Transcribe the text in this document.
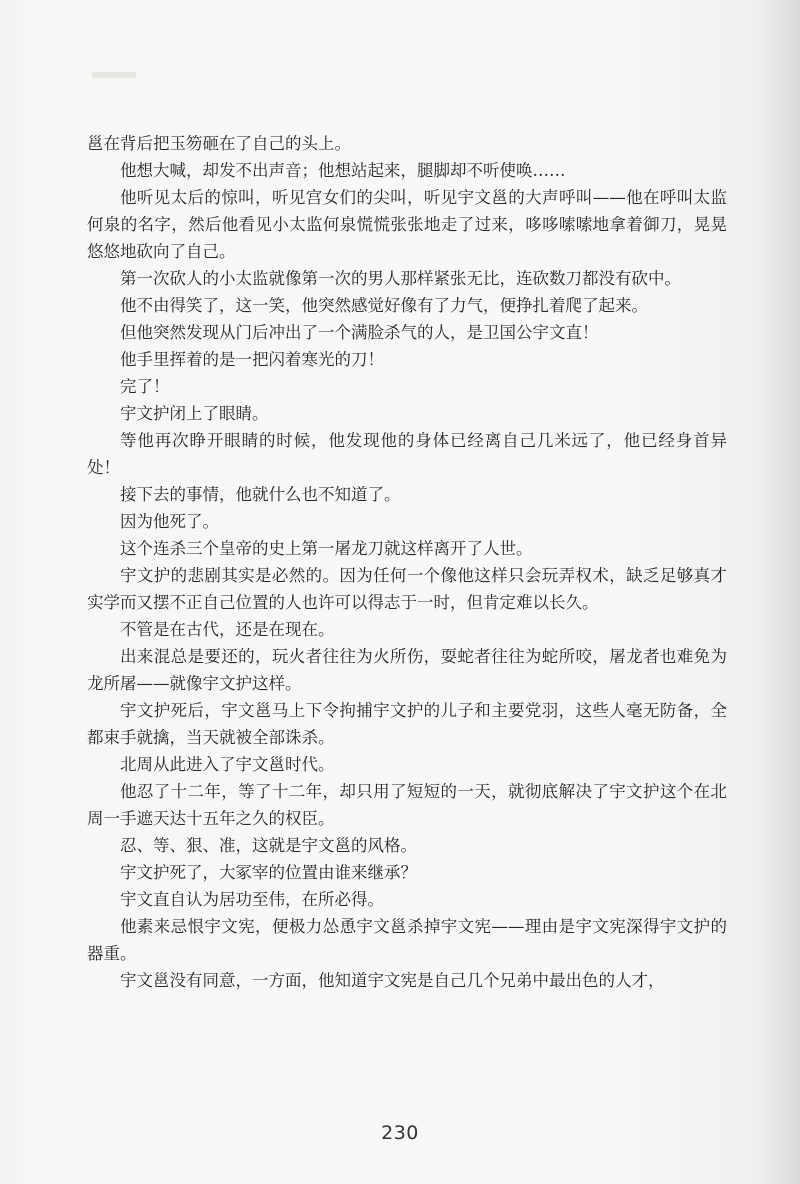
邕在背后把玉笏砸在了自己的头上。

他想大喊，却发不出声音；他想站起来，腿脚却不听使唤……

他听见太后的惊叫，听见宫女们的尖叫，听见宇文邕的大声呼叫——他在呼叫太监何泉的名字，然后他看见小太监何泉慌慌张张地走了过来，哆哆嗦嗦地拿着御刀，晃晃悠悠地砍向了自己。

第一次砍人的小太监就像第一次的男人那样紧张无比，连砍数刀都没有砍中。

他不由得笑了，这一笑，他突然感觉好像有了力气，便挣扎着爬了起来。

但他突然发现从门后冲出了一个满脸杀气的人，是卫国公宇文直！

他手里挥着的是一把闪着寒光的刀！

完了！

宇文护闭上了眼睛。

等他再次睁开眼睛的时候，他发现他的身体已经离自己几米远了，他已经身首异处！

接下去的事情，他就什么也不知道了。

因为他死了。

这个连杀三个皇帝的史上第一屠龙刀就这样离开了人世。

宇文护的悲剧其实是必然的。因为任何一个像他这样只会玩弄权术，缺乏足够真才实学而又摆不正自己位置的人也许可以得志于一时，但肯定难以长久。

不管是在古代，还是在现在。

出来混总是要还的，玩火者往往为火所伤，耍蛇者往往为蛇所咬，屠龙者也难免为龙所屠——就像宇文护这样。

宇文护死后，宇文邕马上下令拘捕宇文护的儿子和主要党羽，这些人毫无防备，全都束手就擒，当天就被全部诛杀。

北周从此进入了宇文邕时代。

他忍了十二年，等了十二年，却只用了短短的一天，就彻底解决了宇文护这个在北周一手遮天达十五年之久的权臣。

忍、等、狠、准，这就是宇文邕的风格。

宇文护死了，大冢宰的位置由谁来继承？

宇文直自认为居功至伟，在所必得。

他素来忌恨宇文宪，便极力怂恿宇文邕杀掉宇文宪——理由是宇文宪深得宇文护的器重。

宇文邕没有同意，一方面，他知道宇文宪是自己几个兄弟中最出色的人才，

230
